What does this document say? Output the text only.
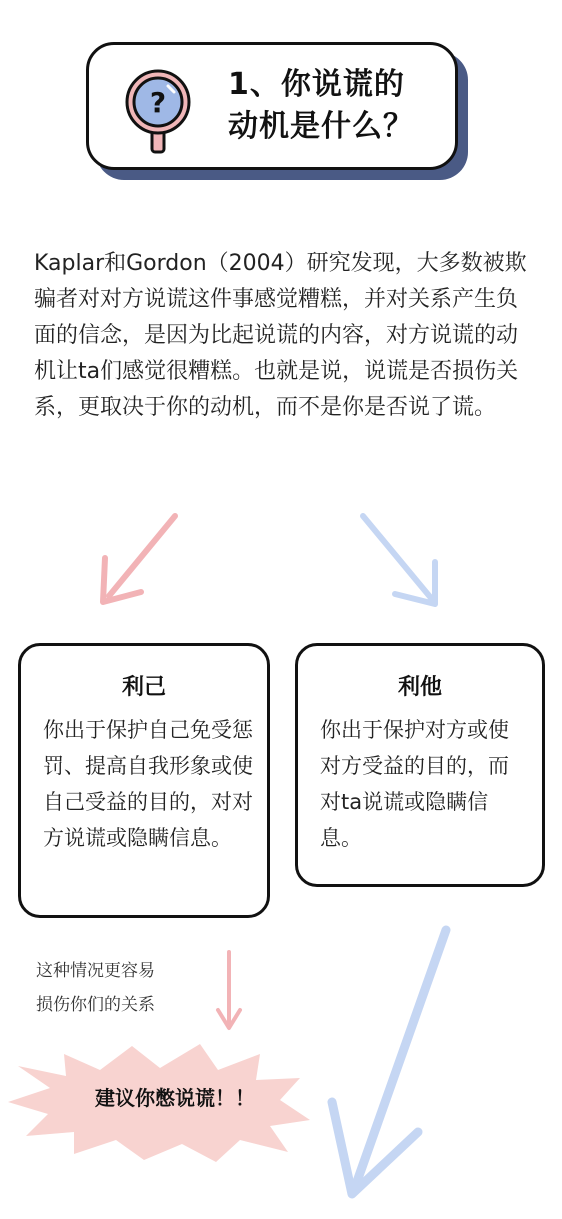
?
1、你说谎的
动机是什么？
Kaplar和Gordon（2004）研究发现，大多数被欺骗者对对方说谎这件事感觉糟糕，并对关系产生负面的信念，是因为比起说谎的内容，对方说谎的动机让ta们感觉很糟糕。也就是说，说谎是否损伤关系，更取决于你的动机，而不是你是否说了谎。
利己
你出于保护自己免受惩罚、提高自我形象或使自己受益的目的，对对方说谎或隐瞒信息。
利他
你出于保护对方或使对方受益的目的，而对ta说谎或隐瞒信息。
这种情况更容易
损伤你们的关系
建议你憋说谎！！
